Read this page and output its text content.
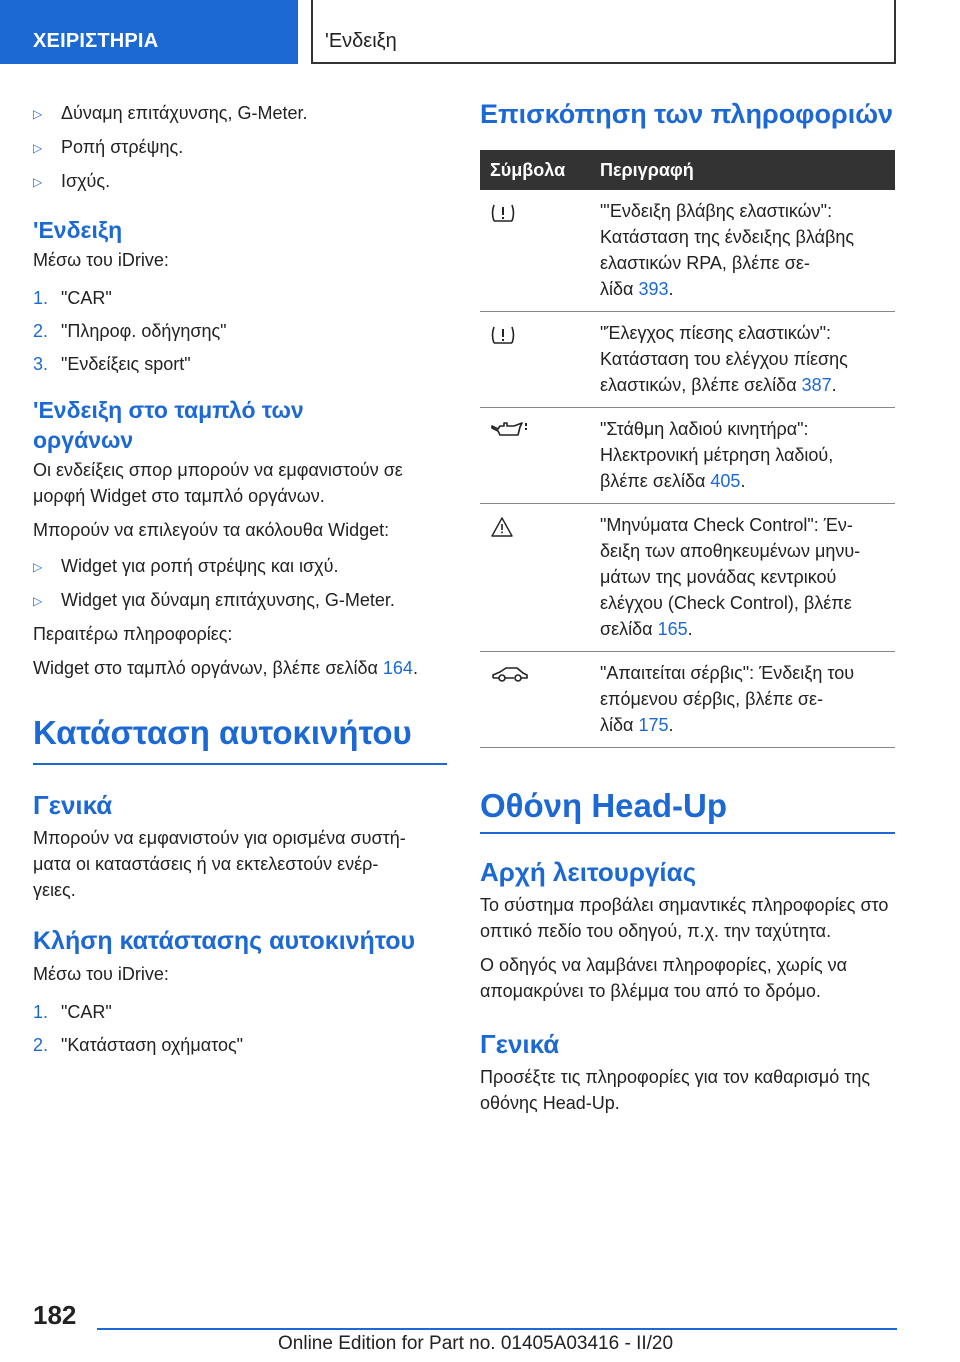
ΧΕΙΡΙΣΤΗΡΙΑ	'Ενδειξη
▷	Δύναμη επιτάχυνσης, G-Meter.
▷	Ροπή στρέψης.
▷	Ισχύς.
'Ενδειξη
Μέσω του iDrive:
1. "CAR"
2. "Πληροφ. οδήγησης"
3. "Ενδείξεις sport"
'Ενδειξη στο ταμπλό των
οργάνων
Οι ενδείξεις σπορ μπορούν να εμφανιστούν σε μορφή Widget στο ταμπλό οργάνων.
Μπορούν να επιλεγούν τα ακόλουθα Widget:
▷	Widget για ροπή στρέψης και ισχύ.
▷	Widget για δύναμη επιτάχυνσης, G-Meter.
Περαιτέρω πληροφορίες:
Widget στο ταμπλό οργάνων, βλέπε σελίδα 164.
Κατάσταση αυτοκινήτου
Γενικά
Μπορούν να εμφανιστούν για ορισμένα συστή-
ματα οι καταστάσεις ή να εκτελεστούν ενέρ-
γειες.
Κλήση κατάστασης αυτοκινήτου
Μέσω του iDrive:
1. "CAR"
2. "Κατάσταση οχήματος"
Επισκόπηση των πληροφοριών
Σύμβολα	Περιγραφή

"'Ενδειξη βλάβης ελαστικών":
Κατάσταση της ένδειξης βλάβης
ελαστικών RPA, βλέπε σε-
λίδα 393.

"Έλεγχος πίεσης ελαστικών":
Κατάσταση του ελέγχου πίεσης
ελαστικών, βλέπε σελίδα 387.

"Στάθμη λαδιού κινητήρα":
Ηλεκτρονική μέτρηση λαδιού,
βλέπε σελίδα 405.

"Μηνύματα Check Control": Έν-
δειξη των αποθηκευμένων μηνυ-
μάτων της μονάδας κεντρικού
ελέγχου (Check Control), βλέπε
σελίδα 165.

"Απαιτείται σέρβις": Ένδειξη του
επόμενου σέρβις, βλέπε σε-
λίδα 175.
Οθόνη Head-Up
Αρχή λειτουργίας
Το σύστημα προβάλει σημαντικές πληροφορίες στο οπτικό πεδίο του οδηγού, π.χ. την ταχύτητα.
Ο οδηγός να λαμβάνει πληροφορίες, χωρίς να απομακρύνει το βλέμμα του από το δρόμο.
Γενικά
Προσέξτε τις πληροφορίες για τον καθαρισμό της οθόνης Head-Up.
182
Online Edition for Part no. 01405A03416 - II/20
